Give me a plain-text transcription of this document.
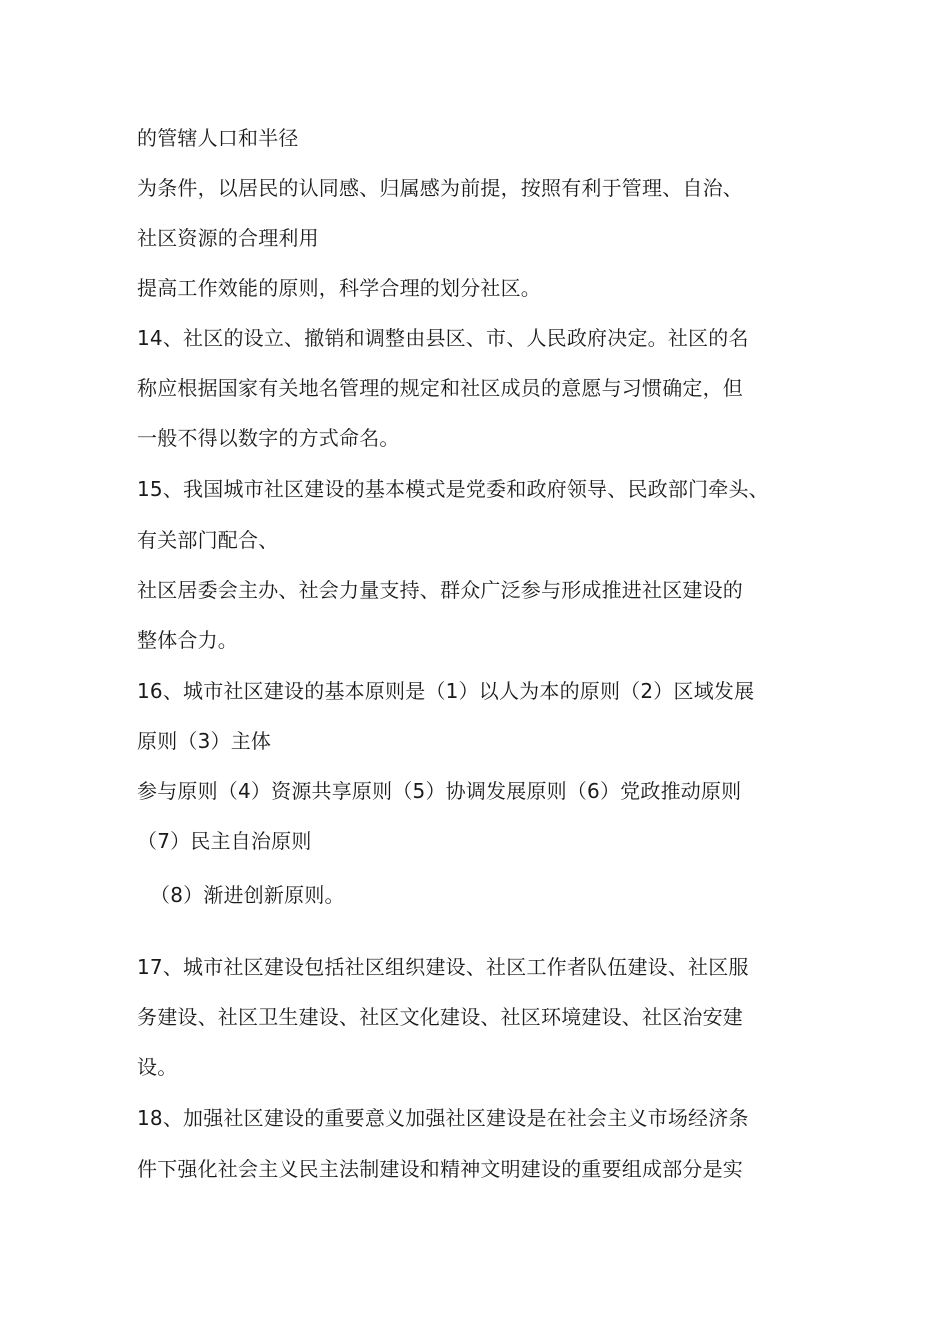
的管辖人口和半径
为条件，以居民的认同感、归属感为前提，按照有利于管理、自治、
社区资源的合理利用
提高工作效能的原则，科学合理的划分社区。
14、社区的设立、撤销和调整由县区、市、人民政府决定。社区的名
称应根据国家有关地名管理的规定和社区成员的意愿与习惯确定，但
一般不得以数字的方式命名。
15、我国城市社区建设的基本模式是党委和政府领导、民政部门牵头、
有关部门配合、
社区居委会主办、社会力量支持、群众广泛参与形成推进社区建设的
整体合力。
16、城市社区建设的基本原则是（1）以人为本的原则（2）区域发展
原则（3）主体
参与原则（4）资源共享原则（5）协调发展原则（6）党政推动原则
（7）民主自治原则
（8）渐进创新原则。
17、城市社区建设包括社区组织建设、社区工作者队伍建设、社区服
务建设、社区卫生建设、社区文化建设、社区环境建设、社区治安建
设。
18、加强社区建设的重要意义加强社区建设是在社会主义市场经济条
件下强化社会主义民主法制建设和精神文明建设的重要组成部分是实
